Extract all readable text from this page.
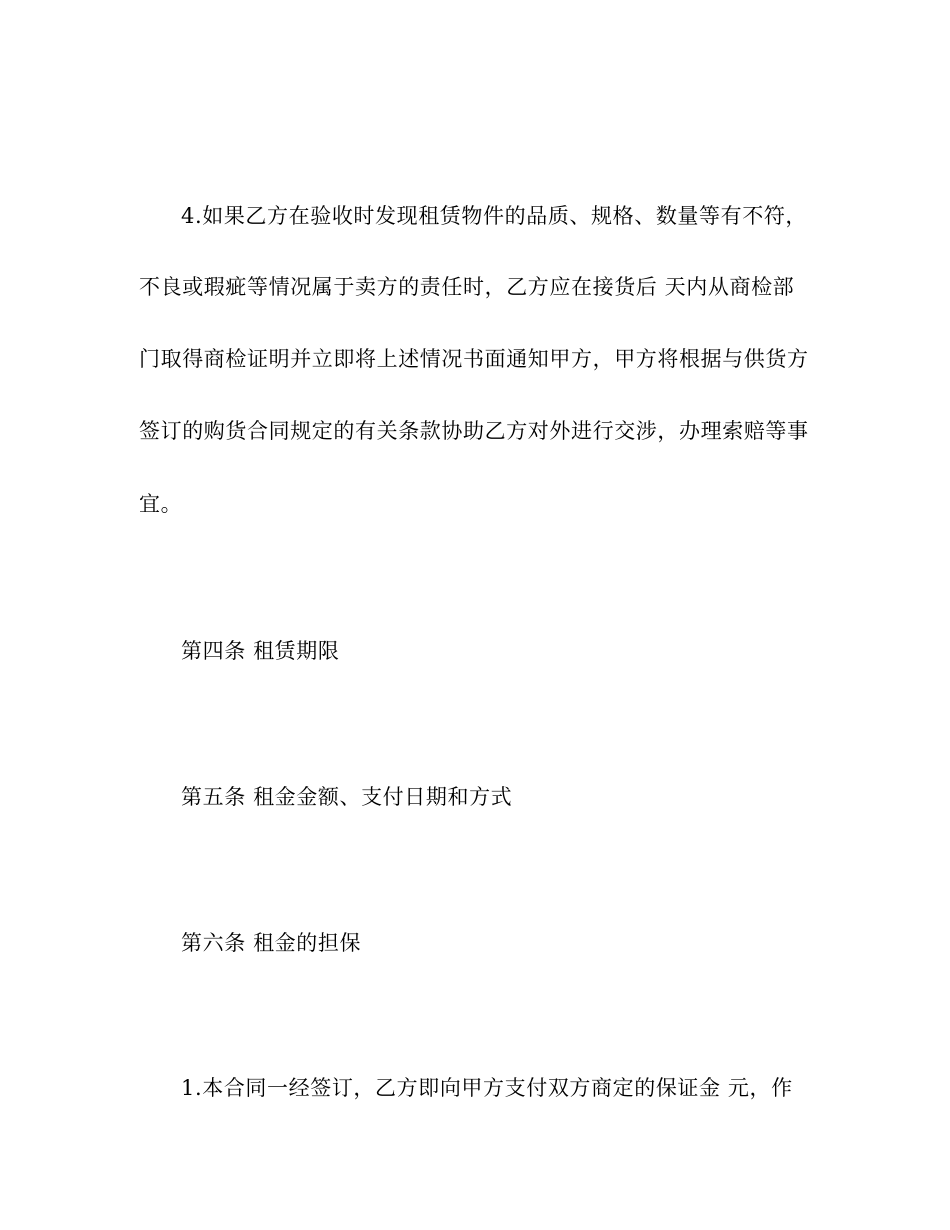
4.如果乙方在验收时发现租赁物件的品质、规格、数量等有不符，
不良或瑕疵等情况属于卖方的责任时，乙方应在接货后 天内从商检部
门取得商检证明并立即将上述情况书面通知甲方，甲方将根据与供货方
签订的购货合同规定的有关条款协助乙方对外进行交涉，办理索赔等事
宜。
第四条 租赁期限
第五条 租金金额、支付日期和方式
第六条 租金的担保
1.本合同一经签订，乙方即向甲方支付双方商定的保证金 元，作
